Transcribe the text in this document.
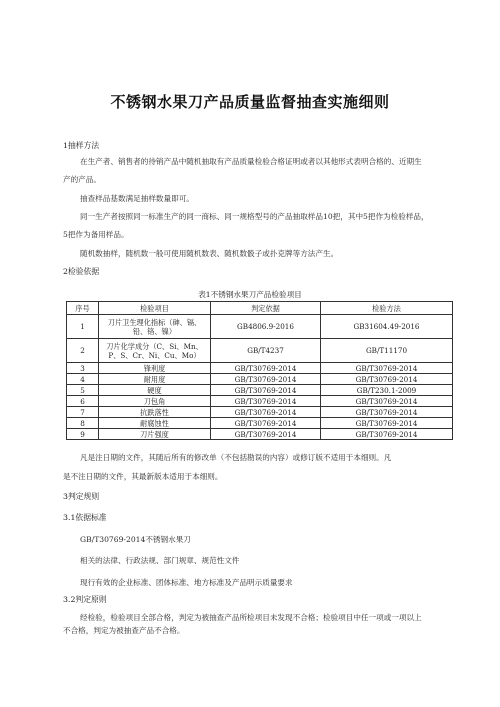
不锈钢水果刀产品质量监督抽查实施细则
1抽样方法
在生产者、销售者的待销产品中随机抽取有产品质量检验合格证明或者以其他形式表明合格的、近期生
产的产品。
抽查样品基数满足抽样数量即可。
同一生产者按照同一标准生产的同一商标、同一规格型号的产品抽取样品10把，其中5把作为检验样品，
5把作为备用样品。
随机数抽样，随机数一般可使用随机数表、随机数骰子或扑克牌等方法产生。
2检验依据
表1不锈钢水果刀产品检验项目
序号	检验项目	判定依据	检验方法
1	刀片卫生理化指标（砷、镉、铅、铬、镍）	GB4806.9-2016	GB31604.49-2016
2	刀片化学成分（C、Si、Mn、P、S、Cr、Ni、Cu、Mo）	GB/T4237	GB/T11170
3	锋利度	GB/T30769-2014	GB/T30769-2014
4	耐用度	GB/T30769-2014	GB/T30769-2014
5	硬度	GB/T30769-2014	GB/T230.1-2009
6	刀包角	GB/T30769-2014	GB/T30769-2014
7	抗跌落性	GB/T30769-2014	GB/T30769-2014
8	耐腐蚀性	GB/T30769-2014	GB/T30769-2014
9	刀片强度	GB/T30769-2014	GB/T30769-2014
凡是注日期的文件，其随后所有的修改单（不包括勘误的内容）或修订版不适用于本细则。凡
是不注日期的文件，其最新版本适用于本细则。
3判定规则
3.1依据标准
GB/T30769-2014不锈钢水果刀
相关的法律、行政法规、部门规章、规范性文件
现行有效的企业标准、团体标准、地方标准及产品明示质量要求
3.2判定原则
经检验，检验项目全部合格，判定为被抽查产品所检项目未发现不合格；检验项目中任一项或一项以上
不合格，判定为被抽查产品不合格。
